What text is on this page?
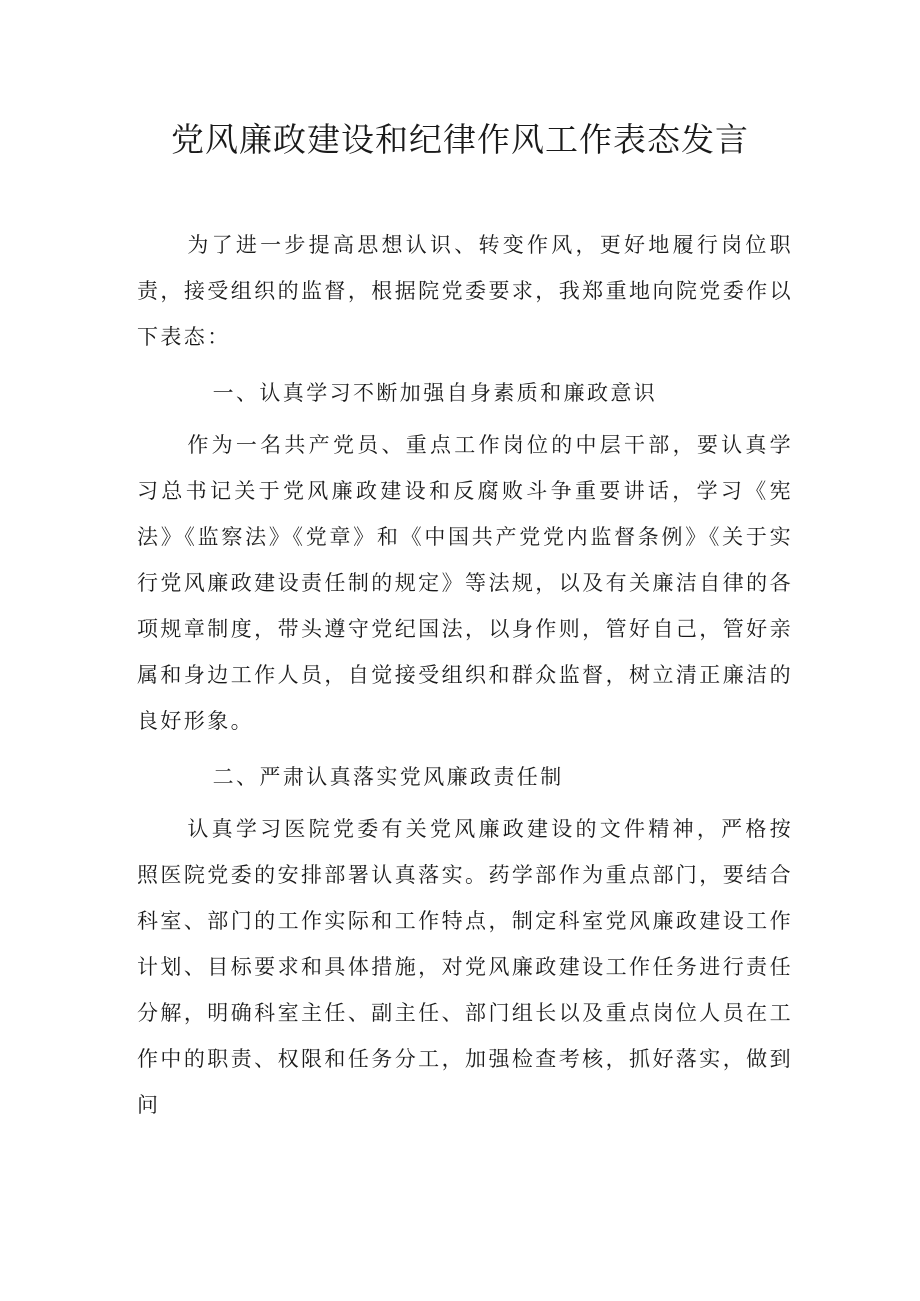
党风廉政建设和纪律作风工作表态发言

为了进一步提高思想认识、转变作风，更好地履行岗位职责，接受组织的监督，根据院党委要求，我郑重地向院党委作以下表态：

一、认真学习不断加强自身素质和廉政意识

作为一名共产党员、重点工作岗位的中层干部，要认真学习总书记关于党风廉政建设和反腐败斗争重要讲话，学习《宪法》《监察法》《党章》和《中国共产党党内监督条例》《关于实行党风廉政建设责任制的规定》等法规，以及有关廉洁自律的各项规章制度，带头遵守党纪国法，以身作则，管好自己，管好亲属和身边工作人员，自觉接受组织和群众监督，树立清正廉洁的良好形象。

二、严肃认真落实党风廉政责任制

认真学习医院党委有关党风廉政建设的文件精神，严格按照医院党委的安排部署认真落实。药学部作为重点部门，要结合科室、部门的工作实际和工作特点，制定科室党风廉政建设工作计划、目标要求和具体措施，对党风廉政建设工作任务进行责任分解，明确科室主任、副主任、部门组长以及重点岗位人员在工作中的职责、权限和任务分工，加强检查考核，抓好落实，做到问
